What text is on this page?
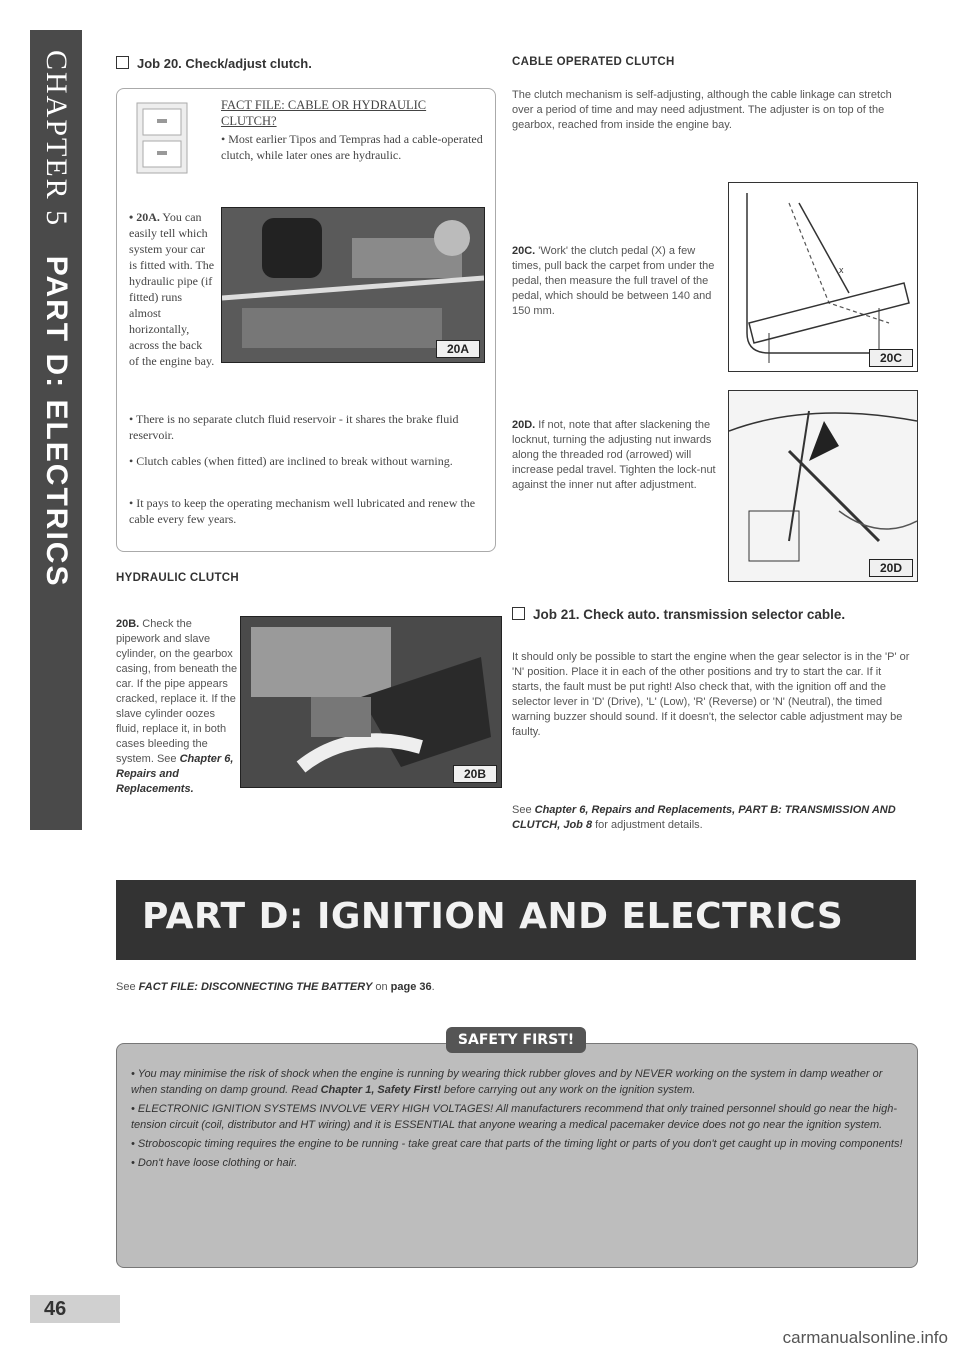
CHAPTER 5   PART D: ELECTRICS
Job 20. Check/adjust clutch.
FACT FILE: CABLE OR HYDRAULIC CLUTCH?
• Most earlier Tipos and Tempras had a cable-operated clutch, while later ones are hydraulic.
20A
• 20A. You can easily tell which system your car is fitted with. The hydraulic pipe (if fitted) runs almost horizontally, across the back of the engine bay.
• There is no separate clutch fluid reservoir - it shares the brake fluid reservoir.
• Clutch cables (when fitted) are inclined to break without warning.
• It pays to keep the operating mechanism well lubricated and renew the cable every few years.
HYDRAULIC CLUTCH
20B
20B. Check the pipework and slave cylinder, on the gearbox casing, from beneath the car. If the pipe appears cracked, replace it. If the slave cylinder oozes fluid, replace it, in both cases bleeding the system. See Chapter 6, Repairs and Replacements.
CABLE OPERATED CLUTCH
The clutch mechanism is self-adjusting, although the cable linkage can stretch over a period of time and may need adjustment. The adjuster is on top of the gearbox, reached from inside the engine bay.
20C. 'Work' the clutch pedal (X) a few times, pull back the carpet from under the pedal, then measure the full travel of the pedal, which should be between 140 and 150 mm.
x
20C
20D. If not, note that after slackening the locknut, turning the adjusting nut inwards along the threaded rod (arrowed) will increase pedal travel. Tighten the lock-nut against the inner nut after adjustment.
20D
Job 21. Check auto. transmission selector cable.
It should only be possible to start the engine when the gear selector is in the 'P' or 'N' position. Place it in each of the other positions and try to start the car. If it starts, the fault must be put right! Also check that, with the ignition off and the selector lever in 'D' (Drive), 'L' (Low), 'R' (Reverse) or 'N' (Neutral), the timed warning buzzer should sound. If it doesn't, the selector cable adjustment may be faulty.
See Chapter 6, Repairs and Replacements, PART B: TRANSMISSION AND CLUTCH, Job 8 for adjustment details.
PART D: IGNITION AND ELECTRICS
See FACT FILE: DISCONNECTING THE BATTERY on page 36.
SAFETY FIRST!

• You may minimise the risk of shock when the engine is running by wearing thick rubber gloves and by NEVER working on the system in damp weather or when standing on damp ground. Read Chapter 1, Safety First! before carrying out any work on the ignition system.

• ELECTRONIC IGNITION SYSTEMS INVOLVE VERY HIGH VOLTAGES! All manufacturers recommend that only trained personnel should go near the high-tension circuit (coil, distributor and HT wiring) and it is ESSENTIAL that anyone wearing a medical pacemaker device does not go near the ignition system.

• Stroboscopic timing requires the engine to be running - take great care that parts of the timing light or parts of you don't get caught up in moving components!

• Don't have loose clothing or hair.

46
carmanualsonline.info
